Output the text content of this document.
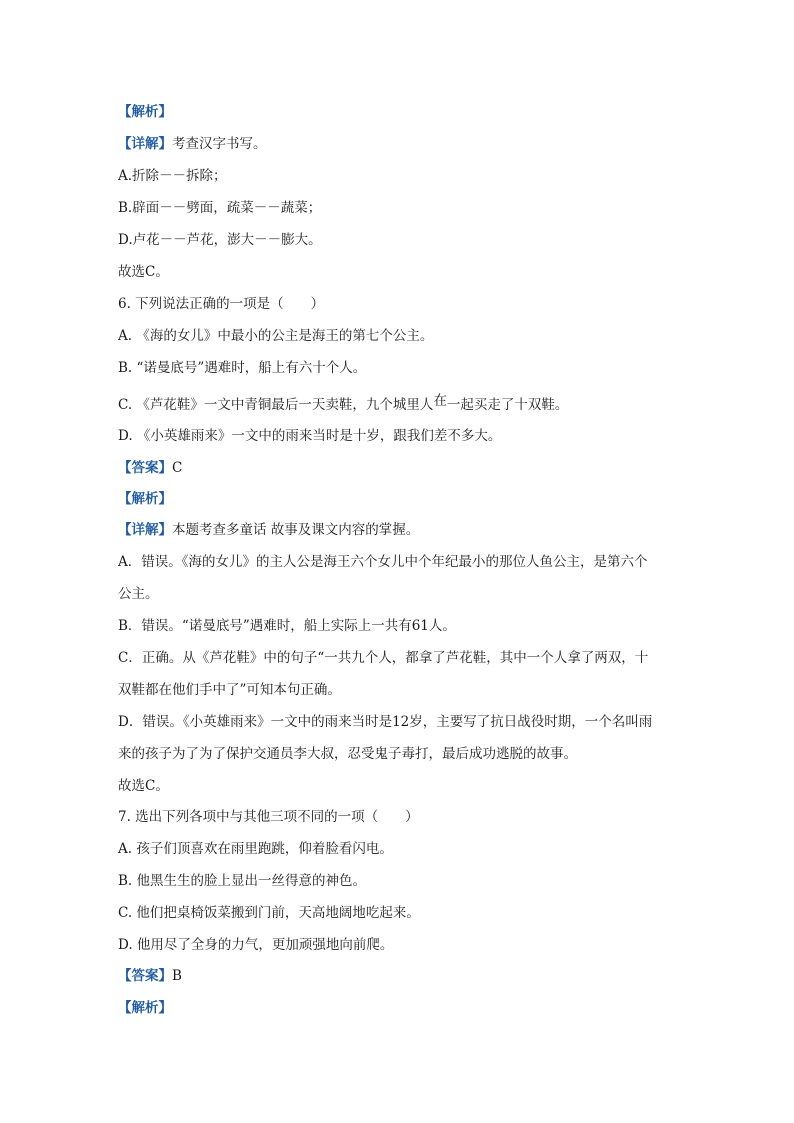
【解析】
【详解】考查汉字书写。
A.折除－－拆除；
B.辟面－－劈面，疏菜－－蔬菜；
D.卢花－－芦花，澎大－－膨大。
故选C。
6. 下列说法正确的一项是（　　）
A. 《海的女儿》中最小的公主是海王的第七个公主。
B. “诺曼底号”遇难时，船上有六十个人。
C. 《芦花鞋》一文中青铜最后一天卖鞋，九个城里人在一起买走了十双鞋。
D. 《小英雄雨来》一文中的雨来当时是十岁，跟我们差不多大。
【答案】C
【解析】
【详解】本题考查多童话 故事及课文内容的掌握。
A．错误。《海的女儿》的主人公是海王六个女儿中个年纪最小的那位人鱼公主，是第六个
公主。
B．错误。“诺曼底号”遇难时，船上实际上一共有61人。
C．正确。从《芦花鞋》中的句子“一共九个人，都拿了芦花鞋，其中一个人拿了两双，十
双鞋都在他们手中了”可知本句正确。
D．错误。《小英雄雨来》一文中的雨来当时是12岁，主要写了抗日战役时期，一个名叫雨
来的孩子为了为了保护交通员李大叔，忍受鬼子毒打，最后成功逃脱的故事。
故选C。
7. 选出下列各项中与其他三项不同的一项（　　）
A. 孩子们顶喜欢在雨里跑跳，仰着脸看闪电。
B. 他黑生生的脸上显出一丝得意的神色。
C. 他们把桌椅饭菜搬到门前，天高地阔地吃起来。
D. 他用尽了全身的力气，更加顽强地向前爬。
【答案】B
【解析】
